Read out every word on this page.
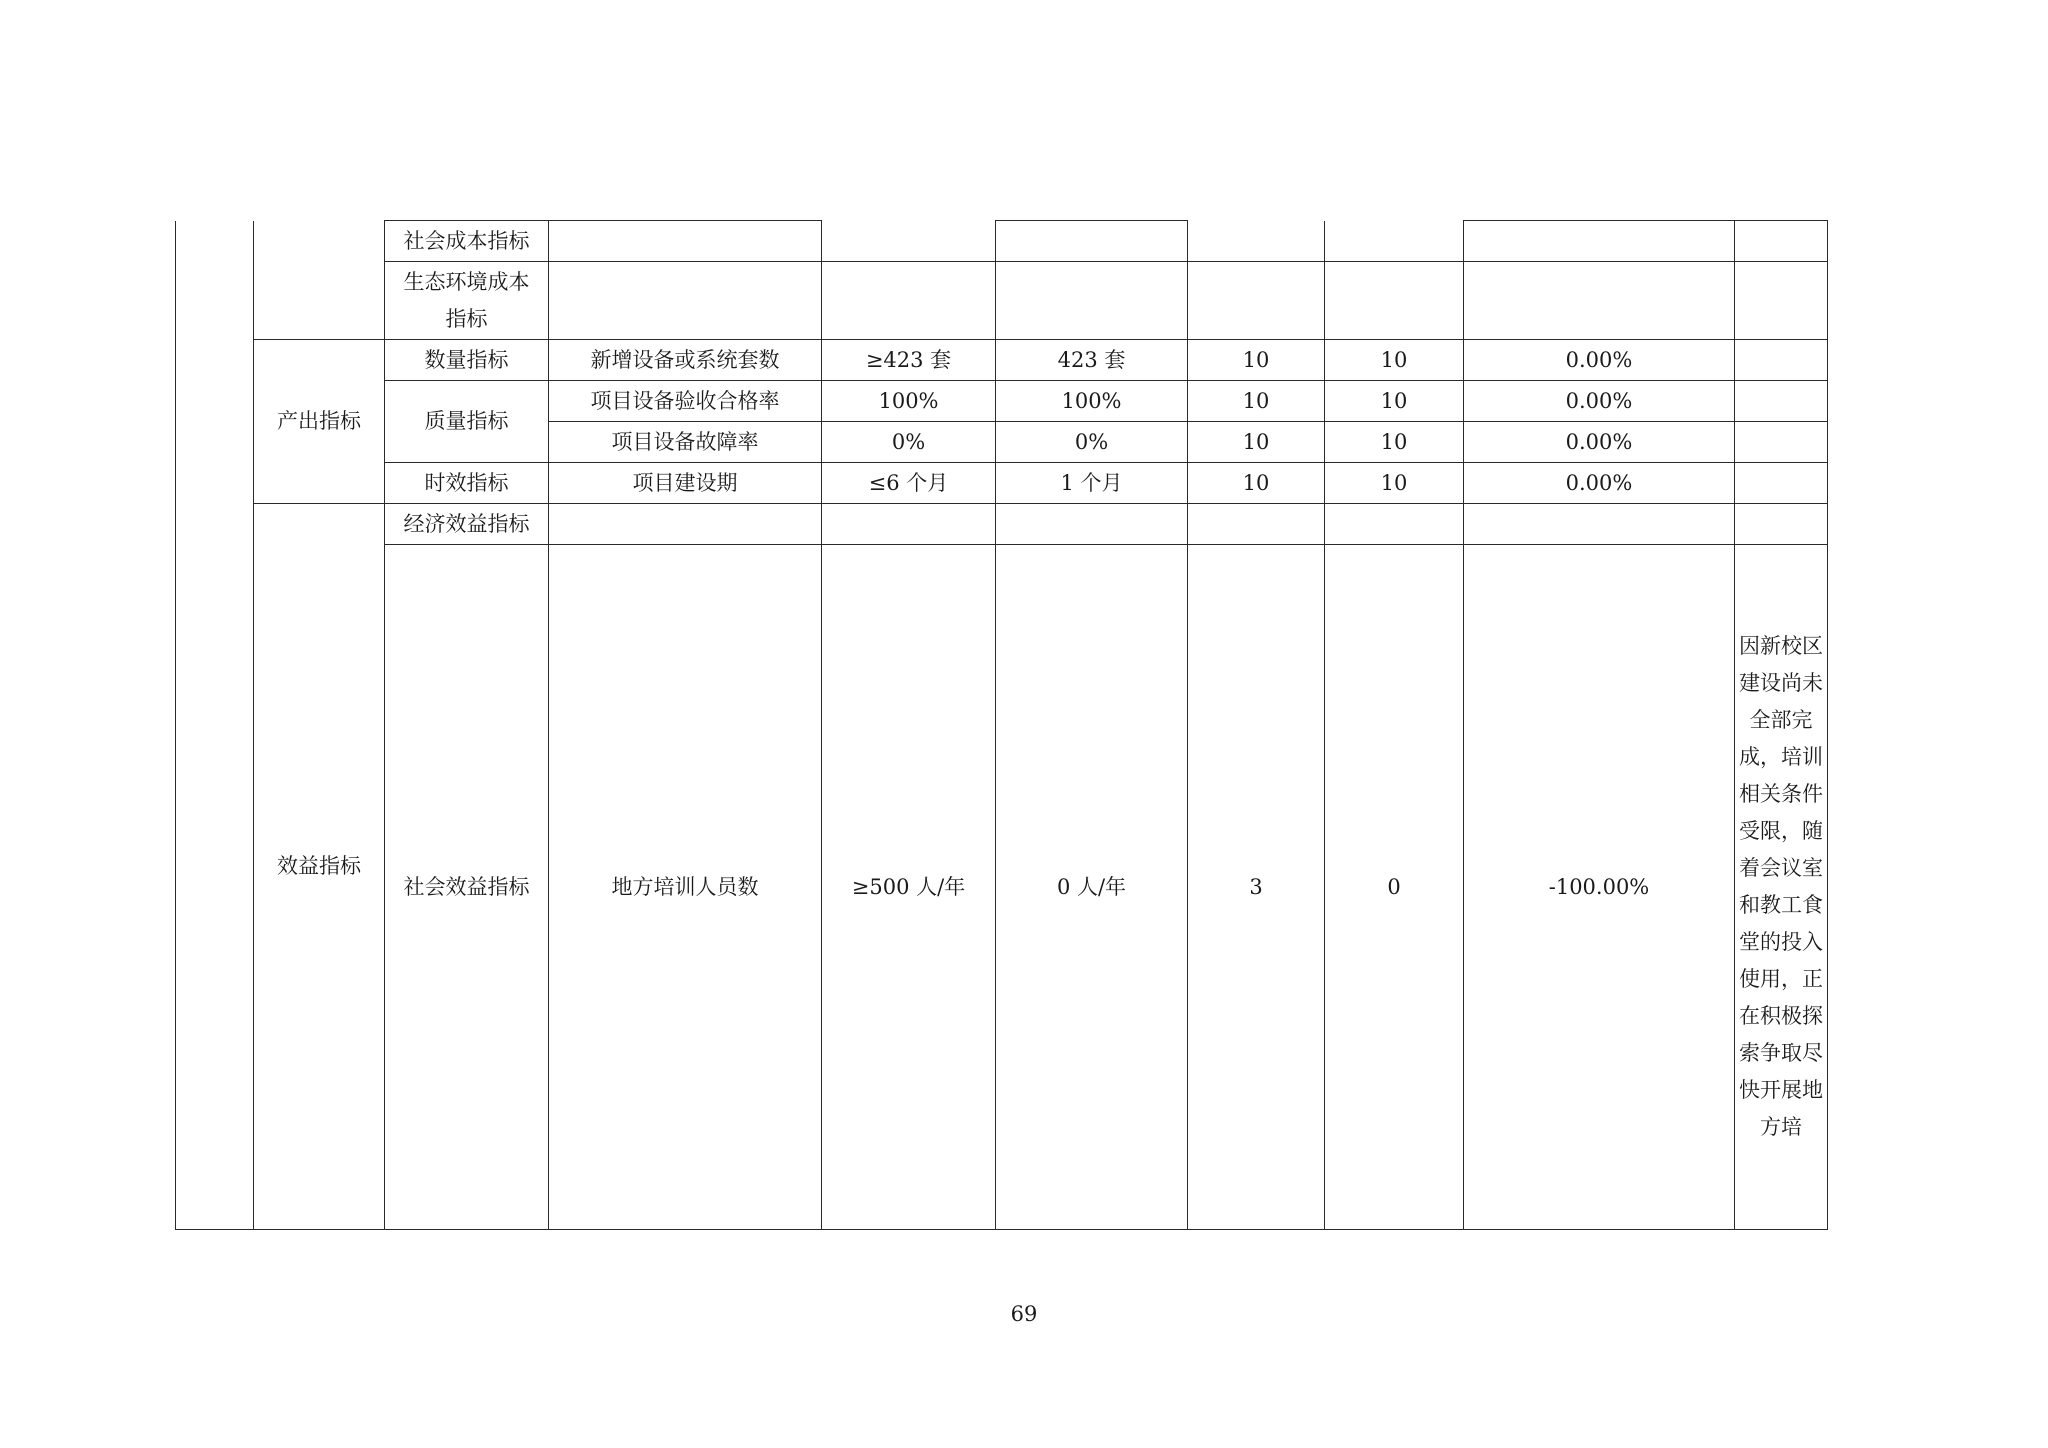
		社会成本指标							
		生态环境成本指标							
	产出指标	数量指标	新增设备或系统套数	≥423 套	423 套	10	10	0.00%	
		质量指标	项目设备验收合格率	100%	100%	10	10	0.00%	
			项目设备故障率	0%	0%	10	10	0.00%	
		时效指标	项目建设期	≤6 个月	1 个月	10	10	0.00%	
	效益指标	经济效益指标							
		社会效益指标	地方培训人员数	≥500 人/年	0 人/年	3	0	-100.00%	因新校区建设尚未全部完成，培训相关条件受限，随着会议室和教工食堂的投入使用，正在积极探索争取尽快开展地方培
69
